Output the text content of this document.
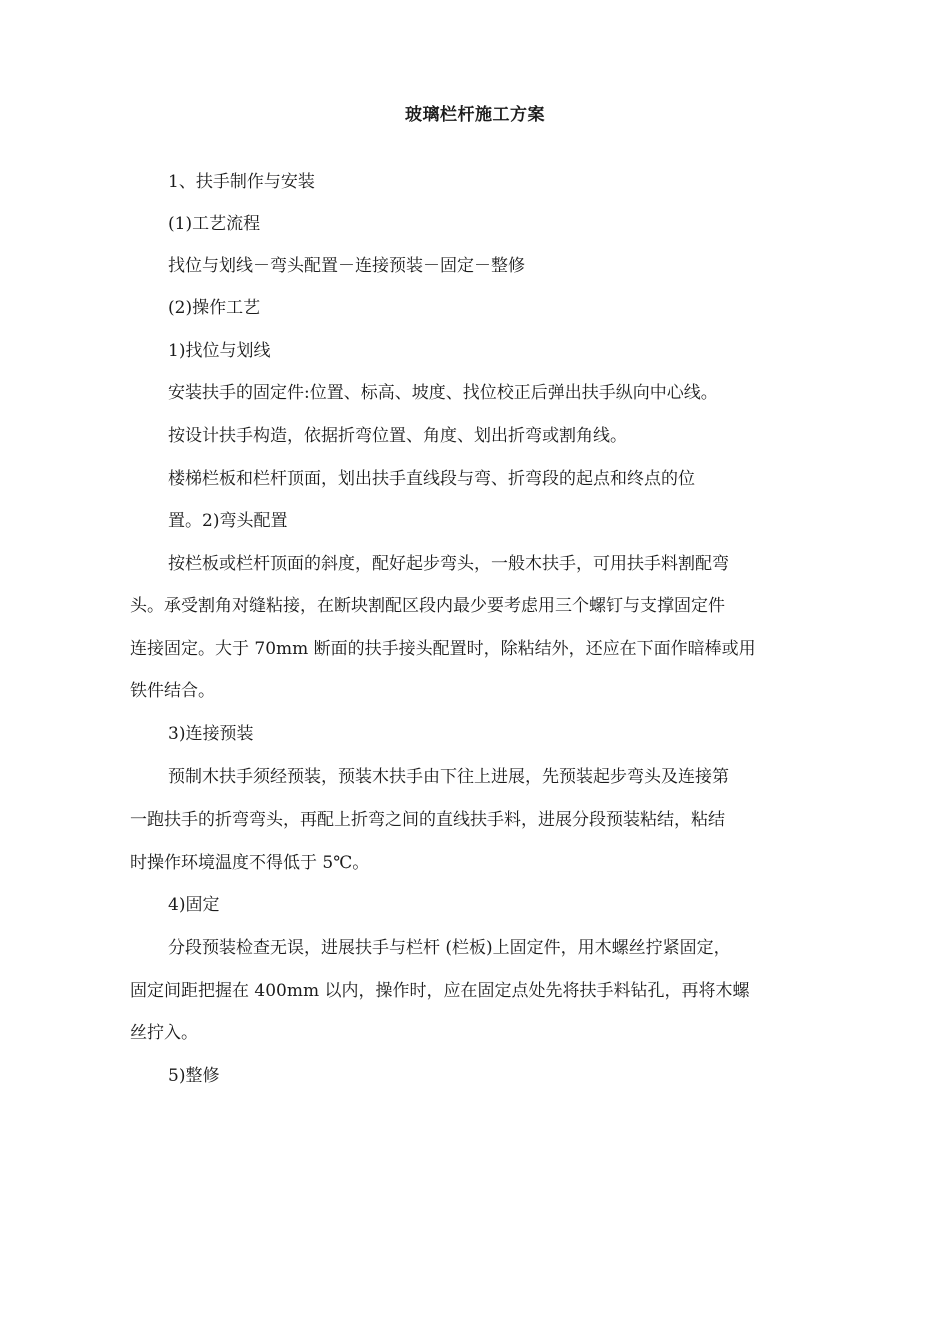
玻璃栏杆施工方案
1、扶手制作与安装
(1)工艺流程
找位与划线－弯头配置－连接预装－固定－整修
(2)操作工艺
1)找位与划线
安装扶手的固定件:位置、标高、坡度、找位校正后弹出扶手纵向中心线。
按设计扶手构造，依据折弯位置、角度、划出折弯或割角线。
楼梯栏板和栏杆顶面，划出扶手直线段与弯、折弯段的起点和终点的位
置。2)弯头配置
按栏板或栏杆顶面的斜度，配好起步弯头，一般木扶手，可用扶手料割配弯
头。承受割角对缝粘接，在断块割配区段内最少要考虑用三个螺钉与支撑固定件
连接固定。大于 70mm 断面的扶手接头配置时，除粘结外，还应在下面作暗棒或用
铁件结合。
3)连接预装
预制木扶手须经预装，预装木扶手由下往上进展，先预装起步弯头及连接第
一跑扶手的折弯弯头，再配上折弯之间的直线扶手料，进展分段预装粘结，粘结
时操作环境温度不得低于 5℃。
4)固定
分段预装检查无误，进展扶手与栏杆 (栏板)上固定件，用木螺丝拧紧固定，
固定间距把握在 400mm 以内，操作时，应在固定点处先将扶手料钻孔，再将木螺
丝拧入。
5)整修
